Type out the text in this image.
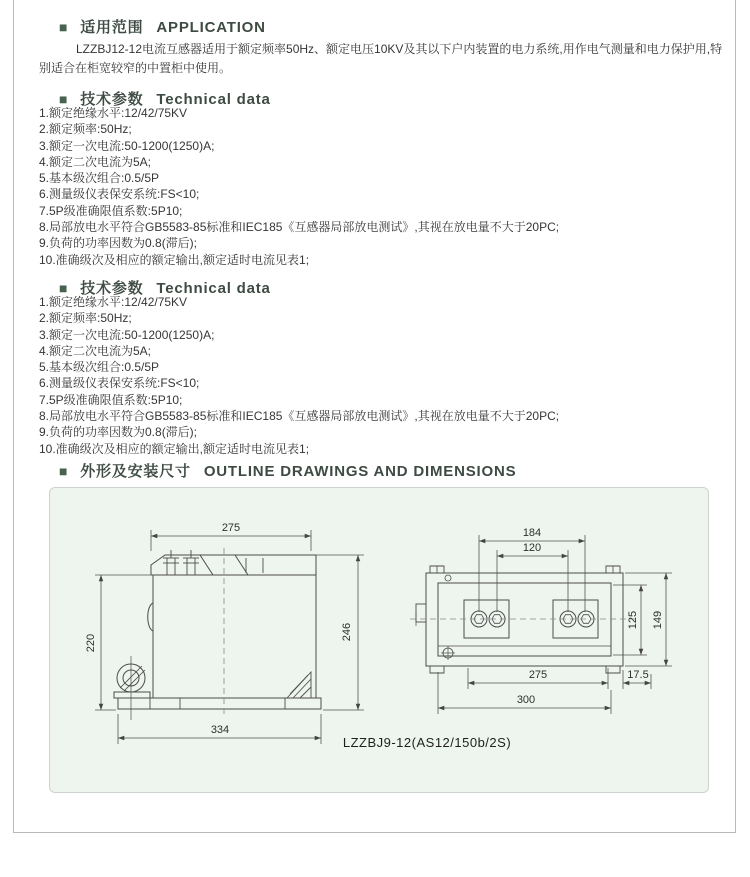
■ 适用范围 APPLICATION

LZZBJ12-12电流互感器适用于额定频率50Hz、额定电压10KV及其以下户内装置的电力系统,用作电气测量和电力保护用,特别适合在柜宽较窄的中置柜中使用。

■ 技术参数 Technical data
1.额定绝缘水平:12/42/75KV
2.额定频率:50Hz;
3.额定一次电流:50-1200(1250)A;
4.额定二次电流为5A;
5.基本级次组合:0.5/5P
6.测量级仪表保安系统:FS<10;
7.5P级准确限值系数:5P10;
8.局部放电水平符合GB5583-85标准和IEC185《互感器局部放电测试》,其视在放电量不大于20PC;
9.负荷的功率因数为0.8(滞后);
10.准确级次及相应的额定输出,额定适时电流见表1;
■ 技术参数 Technical data
1.额定绝缘水平:12/42/75KV
2.额定频率:50Hz;
3.额定一次电流:50-1200(1250)A;
4.额定二次电流为5A;
5.基本级次组合:0.5/5P
6.测量级仪表保安系统:FS<10;
7.5P级准确限值系数:5P10;
8.局部放电水平符合GB5583-85标准和IEC185《互感器局部放电测试》,其视在放电量不大于20PC;
9.负荷的功率因数为0.8(滞后);
10.准确级次及相应的额定输出,额定适时电流见表1;
■ 外形及安装尺寸 OUTLINE DRAWINGS AND DIMENSIONS
275
220
246
334
184
120
125 149
275	17.5
300
LZZBJ9-12(AS12/150b/2S)
